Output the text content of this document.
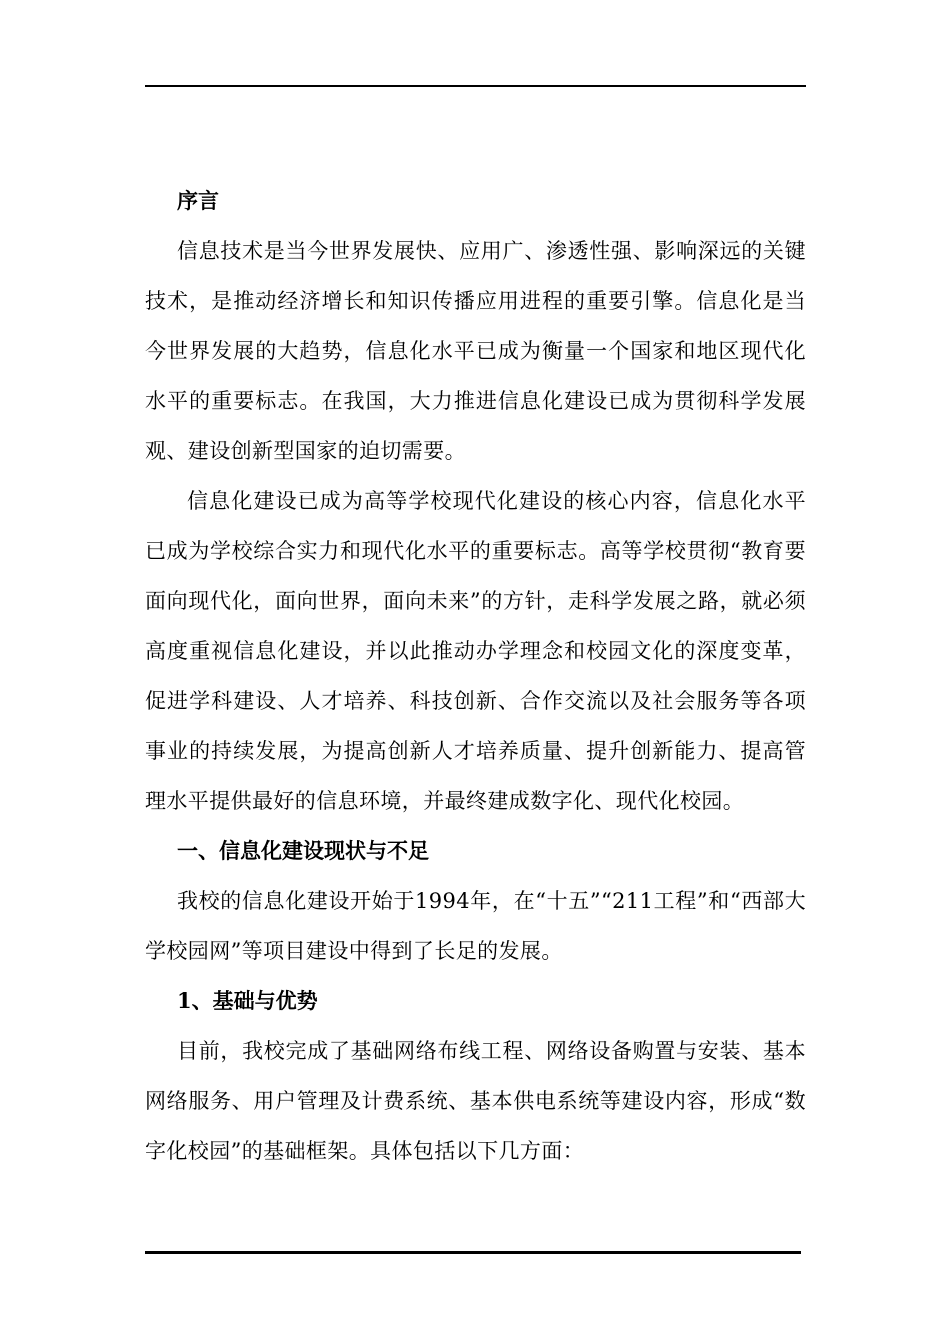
序言

信息技术是当今世界发展快、应用广、渗透性强、影响深远的关键技术，是推动经济增长和知识传播应用进程的重要引擎。信息化是当今世界发展的大趋势，信息化水平已成为衡量一个国家和地区现代化水平的重要标志。在我国，大力推进信息化建设已成为贯彻科学发展观、建设创新型国家的迫切需要。

信息化建设已成为高等学校现代化建设的核心内容，信息化水平已成为学校综合实力和现代化水平的重要标志。高等学校贯彻“教育要面向现代化，面向世界，面向未来”的方针，走科学发展之路，就必须高度重视信息化建设，并以此推动办学理念和校园文化的深度变革，促进学科建设、人才培养、科技创新、合作交流以及社会服务等各项事业的持续发展，为提高创新人才培养质量、提升创新能力、提高管理水平提供最好的信息环境，并最终建成数字化、现代化校园。

一、信息化建设现状与不足

我校的信息化建设开始于1994年，在“十五”“211工程”和“西部大学校园网”等项目建设中得到了长足的发展。

1、基础与优势

目前，我校完成了基础网络布线工程、网络设备购置与安装、基本网络服务、用户管理及计费系统、基本供电系统等建设内容，形成“数字化校园”的基础框架。具体包括以下几方面：
